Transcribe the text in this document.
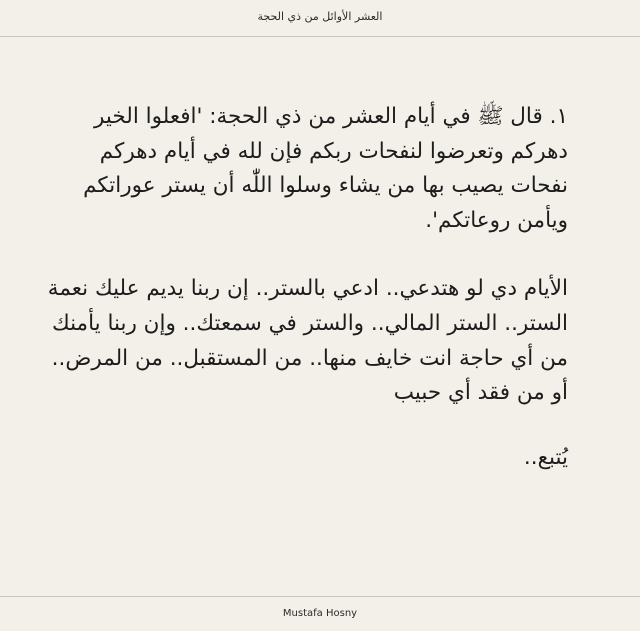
العشر الأوائل من ذي الحجة

١. قال ﷺ في أيام العشر من ذي الحجة: 'افعلوا الخير دهركم وتعرضوا لنفحات ربكم فإن لله في أيام دهركم نفحات يصيب بها من يشاء وسلوا اللّٰه أن يستر عوراتكم ويأمن روعاتكم'.

الأيام دي لو هتدعي.. ادعي بالستر.. إن ربنا يديم عليك نعمة الستر.. الستر المالي.. والستر في سمعتك.. وإن ربنا يأمنك من أي حاجة انت خايف منها.. من المستقبل.. من المرض.. أو من فقد أي حبيب

يُتبع..

Mustafa Hosny
